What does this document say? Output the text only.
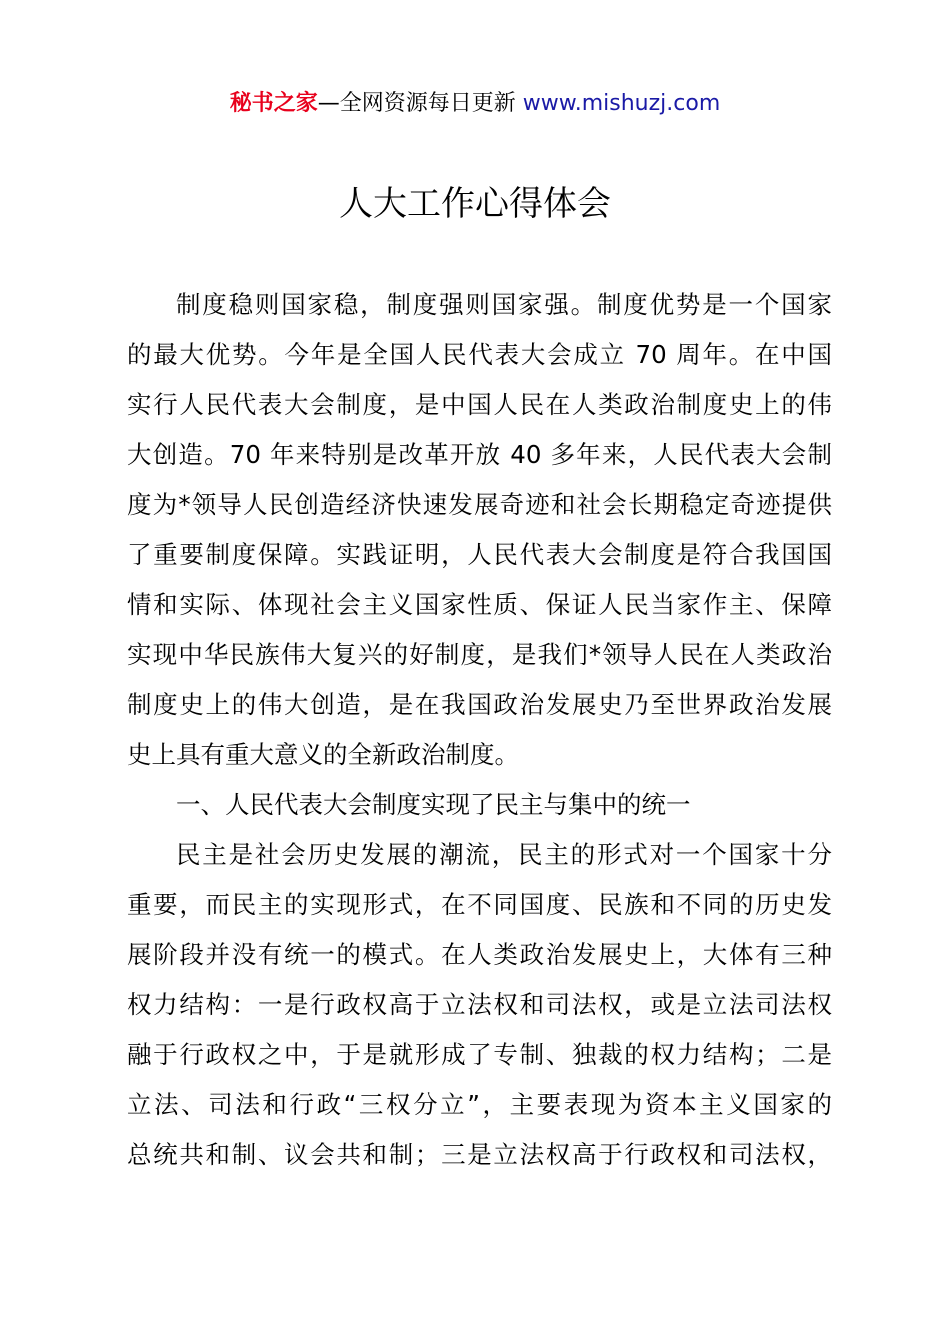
秘书之家—全网资源每日更新 www.mishuzj.com
人大工作心得体会
制度稳则国家稳，制度强则国家强。制度优势是一个国家
的最大优势。今年是全国人民代表大会成立 70 周年。在中国
实行人民代表大会制度，是中国人民在人类政治制度史上的伟
大创造。70 年来特别是改革开放 40 多年来，人民代表大会制
度为*领导人民创造经济快速发展奇迹和社会长期稳定奇迹提供
了重要制度保障。实践证明，人民代表大会制度是符合我国国
情和实际、体现社会主义国家性质、保证人民当家作主、保障
实现中华民族伟大复兴的好制度，是我们*领导人民在人类政治
制度史上的伟大创造，是在我国政治发展史乃至世界政治发展
史上具有重大意义的全新政治制度。
一、人民代表大会制度实现了民主与集中的统一
民主是社会历史发展的潮流，民主的形式对一个国家十分
重要，而民主的实现形式，在不同国度、民族和不同的历史发
展阶段并没有统一的模式。在人类政治发展史上，大体有三种
权力结构：一是行政权高于立法权和司法权，或是立法司法权
融于行政权之中，于是就形成了专制、独裁的权力结构；二是
立法、司法和行政“三权分立”，主要表现为资本主义国家的
总统共和制、议会共和制；三是立法权高于行政权和司法权，
